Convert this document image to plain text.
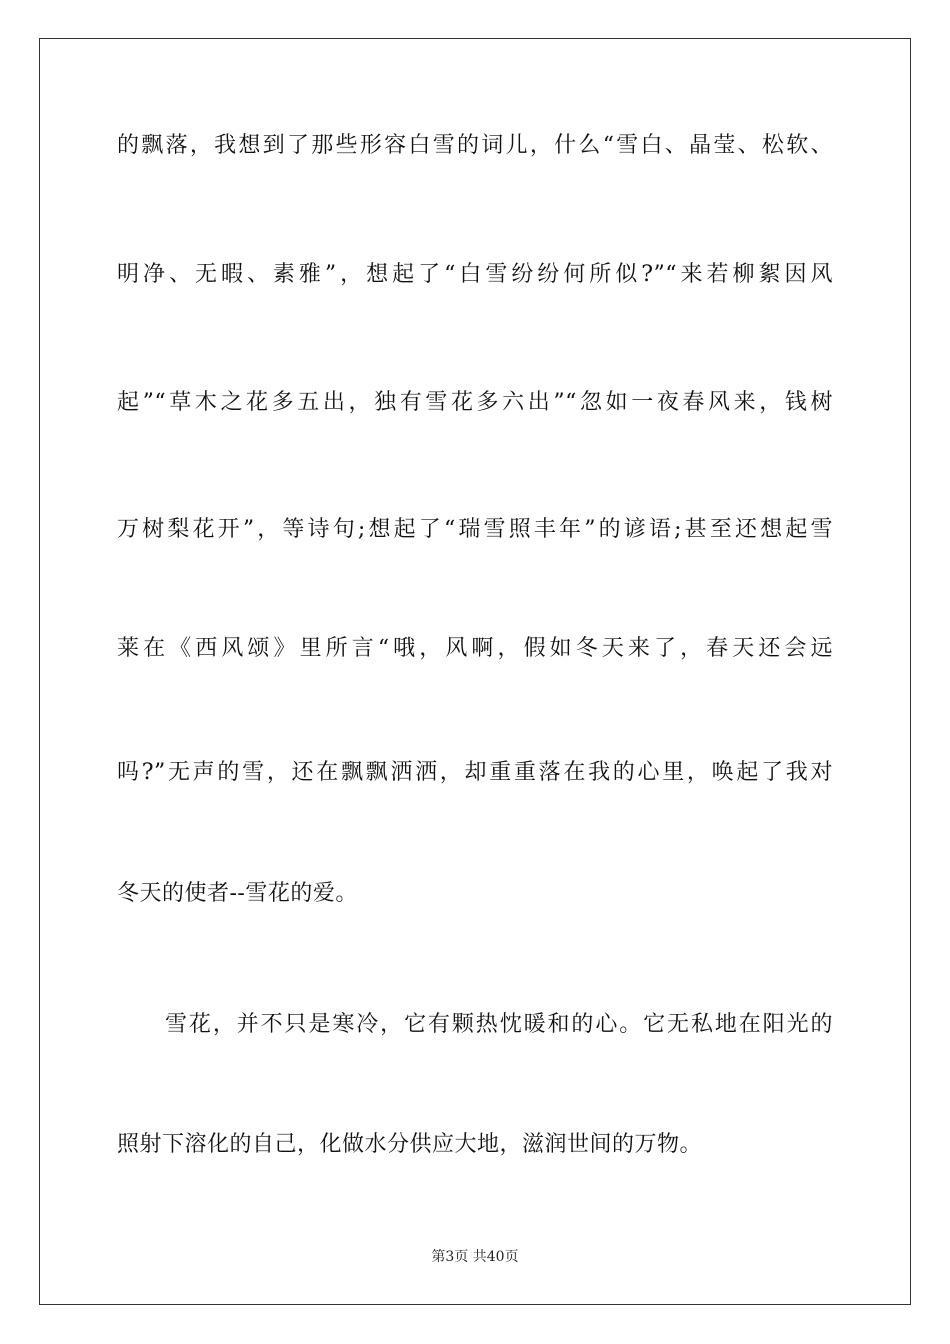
的飘落，我想到了那些形容白雪的词儿，什么“雪白、晶莹、松软、
明净、无暇、素雅”，想起了“白雪纷纷何所似?”“来若柳絮因风
起”“草木之花多五出，独有雪花多六出”“忽如一夜春风来，钱树
万树梨花开”，等诗句;想起了“瑞雪照丰年”的谚语;甚至还想起雪
莱在《西风颂》里所言“哦，风啊，假如冬天来了，春天还会远
吗?”无声的雪，还在飘飘洒洒，却重重落在我的心里，唤起了我对
冬天的使者--雪花的爱。
雪花，并不只是寒冷，它有颗热忱暖和的心。它无私地在阳光的
照射下溶化的自己，化做水分供应大地，滋润世间的万物。
第3页 共40页
